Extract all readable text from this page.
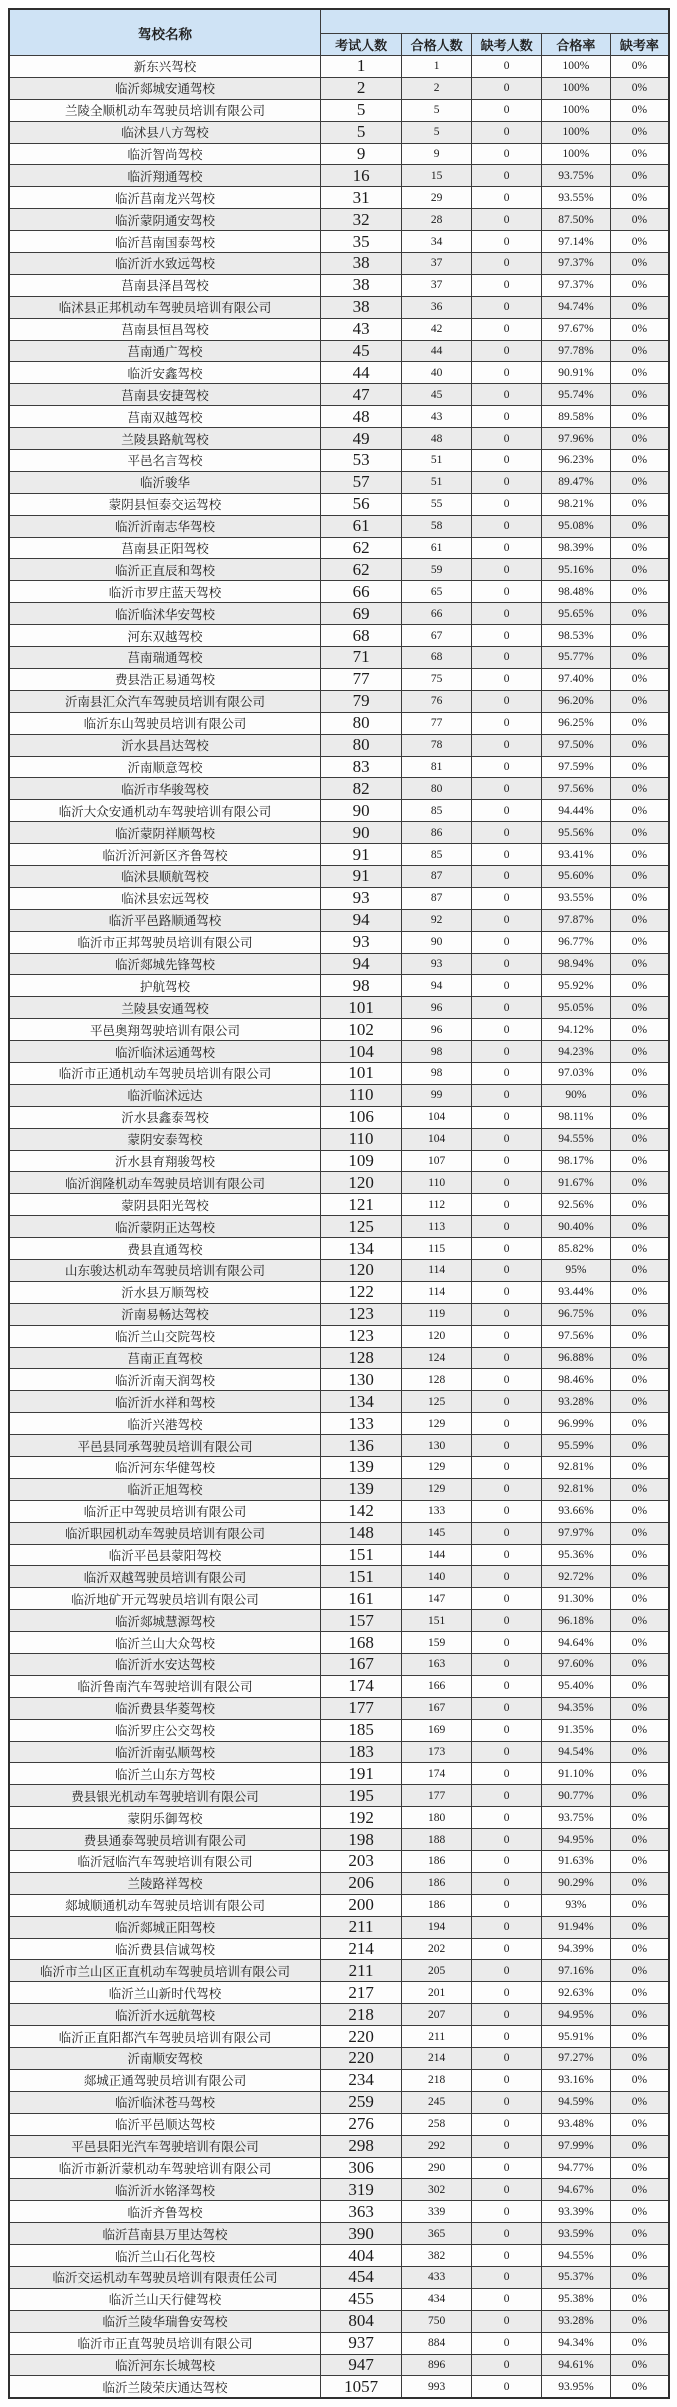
驾校名称					
	考试人数	合格人数	缺考人数	合格率	缺考率
新东兴驾校	1	1	0	100%	0%
临沂郯城安通驾校	2	2	0	100%	0%
兰陵全顺机动车驾驶员培训有限公司	5	5	0	100%	0%
临沭县八方驾校	5	5	0	100%	0%
临沂智尚驾校	9	9	0	100%	0%
临沂翔通驾校	16	15	0	93.75%	0%
临沂莒南龙兴驾校	31	29	0	93.55%	0%
临沂蒙阴通安驾校	32	28	0	87.50%	0%
临沂莒南国泰驾校	35	34	0	97.14%	0%
临沂沂水致远驾校	38	37	0	97.37%	0%
莒南县泽昌驾校	38	37	0	97.37%	0%
临沭县正邦机动车驾驶员培训有限公司	38	36	0	94.74%	0%
莒南县恒昌驾校	43	42	0	97.67%	0%
莒南通广驾校	45	44	0	97.78%	0%
临沂安鑫驾校	44	40	0	90.91%	0%
莒南县安捷驾校	47	45	0	95.74%	0%
莒南双越驾校	48	43	0	89.58%	0%
兰陵县路航驾校	49	48	0	97.96%	0%
平邑名言驾校	53	51	0	96.23%	0%
临沂骏华	57	51	0	89.47%	0%
蒙阴县恒泰交运驾校	56	55	0	98.21%	0%
临沂沂南志华驾校	61	58	0	95.08%	0%
莒南县正阳驾校	62	61	0	98.39%	0%
临沂正直辰和驾校	62	59	0	95.16%	0%
临沂市罗庄蓝天驾校	66	65	0	98.48%	0%
临沂临沭华安驾校	69	66	0	95.65%	0%
河东双越驾校	68	67	0	98.53%	0%
莒南瑞通驾校	71	68	0	95.77%	0%
费县浩正易通驾校	77	75	0	97.40%	0%
沂南县汇众汽车驾驶员培训有限公司	79	76	0	96.20%	0%
临沂东山驾驶员培训有限公司	80	77	0	96.25%	0%
沂水县昌达驾校	80	78	0	97.50%	0%
沂南顺意驾校	83	81	0	97.59%	0%
临沂市华骏驾校	82	80	0	97.56%	0%
临沂大众安通机动车驾驶培训有限公司	90	85	0	94.44%	0%
临沂蒙阴祥顺驾校	90	86	0	95.56%	0%
临沂沂河新区齐鲁驾校	91	85	0	93.41%	0%
临沭县顺航驾校	91	87	0	95.60%	0%
临沭县宏远驾校	93	87	0	93.55%	0%
临沂平邑路顺通驾校	94	92	0	97.87%	0%
临沂市正邦驾驶员培训有限公司	93	90	0	96.77%	0%
临沂郯城先锋驾校	94	93	0	98.94%	0%
护航驾校	98	94	0	95.92%	0%
兰陵县安通驾校	101	96	0	95.05%	0%
平邑奥翔驾驶培训有限公司	102	96	0	94.12%	0%
临沂临沭运通驾校	104	98	0	94.23%	0%
临沂市正通机动车驾驶员培训有限公司	101	98	0	97.03%	0%
临沂临沭远达	110	99	0	90%	0%
沂水县鑫泰驾校	106	104	0	98.11%	0%
蒙阴安泰驾校	110	104	0	94.55%	0%
沂水县育翔骏驾校	109	107	0	98.17%	0%
临沂润隆机动车驾驶员培训有限公司	120	110	0	91.67%	0%
蒙阴县阳光驾校	121	112	0	92.56%	0%
临沂蒙阴正达驾校	125	113	0	90.40%	0%
费县直通驾校	134	115	0	85.82%	0%
山东骏达机动车驾驶员培训有限公司	120	114	0	95%	0%
沂水县万顺驾校	122	114	0	93.44%	0%
沂南易畅达驾校	123	119	0	96.75%	0%
临沂兰山交院驾校	123	120	0	97.56%	0%
莒南正直驾校	128	124	0	96.88%	0%
临沂沂南天润驾校	130	128	0	98.46%	0%
临沂沂水祥和驾校	134	125	0	93.28%	0%
临沂兴港驾校	133	129	0	96.99%	0%
平邑县同承驾驶员培训有限公司	136	130	0	95.59%	0%
临沂河东华健驾校	139	129	0	92.81%	0%
临沂正旭驾校	139	129	0	92.81%	0%
临沂正中驾驶员培训有限公司	142	133	0	93.66%	0%
临沂职园机动车驾驶员培训有限公司	148	145	0	97.97%	0%
临沂平邑县蒙阳驾校	151	144	0	95.36%	0%
临沂双越驾驶员培训有限公司	151	140	0	92.72%	0%
临沂地矿开元驾驶员培训有限公司	161	147	0	91.30%	0%
临沂郯城慧源驾校	157	151	0	96.18%	0%
临沂兰山大众驾校	168	159	0	94.64%	0%
临沂沂水安达驾校	167	163	0	97.60%	0%
临沂鲁南汽车驾驶培训有限公司	174	166	0	95.40%	0%
临沂费县华菱驾校	177	167	0	94.35%	0%
临沂罗庄公交驾校	185	169	0	91.35%	0%
临沂沂南弘顺驾校	183	173	0	94.54%	0%
临沂兰山东方驾校	191	174	0	91.10%	0%
费县银光机动车驾驶培训有限公司	195	177	0	90.77%	0%
蒙阴乐御驾校	192	180	0	93.75%	0%
费县通泰驾驶员培训有限公司	198	188	0	94.95%	0%
临沂冠临汽车驾驶培训有限公司	203	186	0	91.63%	0%
兰陵路祥驾校	206	186	0	90.29%	0%
郯城顺通机动车驾驶员培训有限公司	200	186	0	93%	0%
临沂郯城正阳驾校	211	194	0	91.94%	0%
临沂费县信诚驾校	214	202	0	94.39%	0%
临沂市兰山区正直机动车驾驶员培训有限公司	211	205	0	97.16%	0%
临沂兰山新时代驾校	217	201	0	92.63%	0%
临沂沂水远航驾校	218	207	0	94.95%	0%
临沂正直阳都汽车驾驶员培训有限公司	220	211	0	95.91%	0%
沂南顺安驾校	220	214	0	97.27%	0%
郯城正通驾驶员培训有限公司	234	218	0	93.16%	0%
临沂临沭苍马驾校	259	245	0	94.59%	0%
临沂平邑顺达驾校	276	258	0	93.48%	0%
平邑县阳光汽车驾驶培训有限公司	298	292	0	97.99%	0%
临沂市新沂蒙机动车驾驶培训有限公司	306	290	0	94.77%	0%
临沂沂水铭泽驾校	319	302	0	94.67%	0%
临沂齐鲁驾校	363	339	0	93.39%	0%
临沂莒南县万里达驾校	390	365	0	93.59%	0%
临沂兰山石化驾校	404	382	0	94.55%	0%
临沂交运机动车驾驶员培训有限责任公司	454	433	0	95.37%	0%
临沂兰山天行健驾校	455	434	0	95.38%	0%
临沂兰陵华瑞鲁安驾校	804	750	0	93.28%	0%
临沂市正直驾驶员培训有限公司	937	884	0	94.34%	0%
临沂河东长城驾校	947	896	0	94.61%	0%
临沂兰陵荣庆通达驾校	1057	993	0	93.95%	0%
